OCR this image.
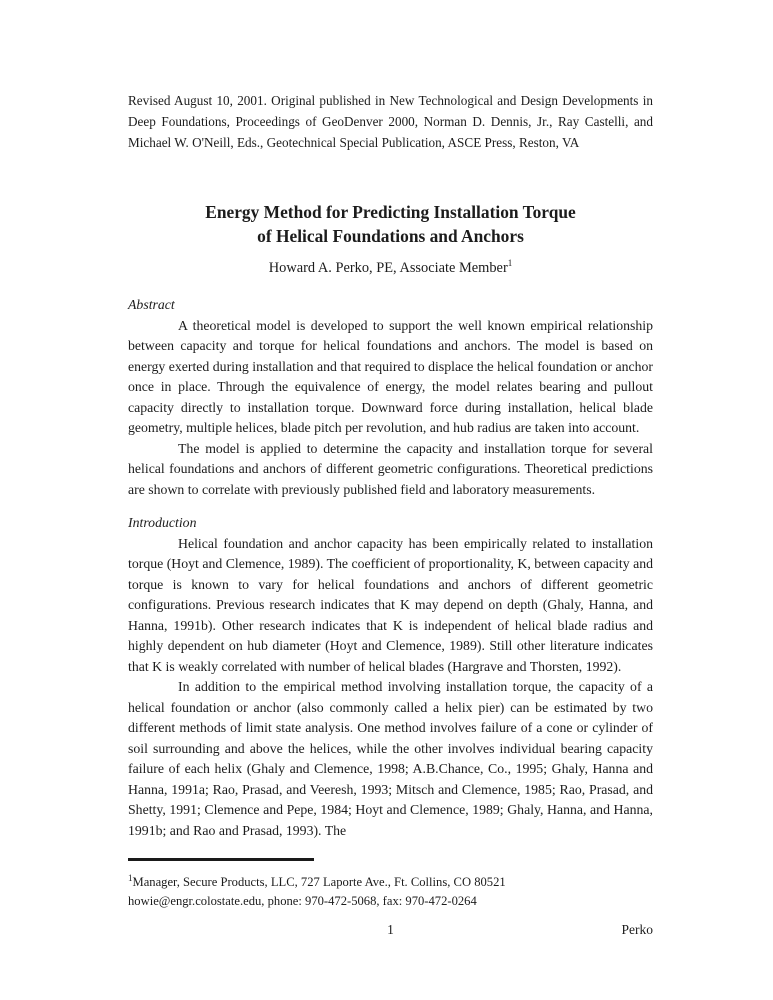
Revised August 10, 2001. Original published in New Technological and Design Developments in Deep Foundations, Proceedings of GeoDenver 2000, Norman D. Dennis, Jr., Ray Castelli, and Michael W. O'Neill, Eds., Geotechnical Special Publication, ASCE Press, Reston, VA

Energy Method for Predicting Installation Torque
of Helical Foundations and Anchors
Howard A. Perko, PE, Associate Member$^1$
Abstract

A theoretical model is developed to support the well known empirical relationship between capacity and torque for helical foundations and anchors. The model is based on energy exerted during installation and that required to displace the helical foundation or anchor once in place. Through the equivalence of energy, the model relates bearing and pullout capacity directly to installation torque. Downward force during installation, helical blade geometry, multiple helices, blade pitch per revolution, and hub radius are taken into account.

The model is applied to determine the capacity and installation torque for several helical foundations and anchors of different geometric configurations. Theoretical predictions are shown to correlate with previously published field and laboratory measurements.

Introduction

Helical foundation and anchor capacity has been empirically related to installation torque (Hoyt and Clemence, 1989). The coefficient of proportionality, K, between capacity and torque is known to vary for helical foundations and anchors of different geometric configurations. Previous research indicates that K may depend on depth (Ghaly, Hanna, and Hanna, 1991b). Other research indicates that K is independent of helical blade radius and highly dependent on hub diameter (Hoyt and Clemence, 1989). Still other literature indicates that K is weakly correlated with number of helical blades (Hargrave and Thorsten, 1992).

In addition to the empirical method involving installation torque, the capacity of a helical foundation or anchor (also commonly called a helix pier) can be estimated by two different methods of limit state analysis. One method involves failure of a cone or cylinder of soil surrounding and above the helices, while the other involves individual bearing capacity failure of each helix (Ghaly and Clemence, 1998; A.B.Chance, Co., 1995; Ghaly, Hanna and Hanna, 1991a; Rao, Prasad, and Veeresh, 1993; Mitsch and Clemence, 1985; Rao, Prasad, and Shetty, 1991; Clemence and Pepe, 1984; Hoyt and Clemence, 1989; Ghaly, Hanna, and Hanna, 1991b; and Rao and Prasad, 1993). The

$^1$Manager, Secure Products, LLC, 727 Laporte Ave., Ft. Collins, CO 80521

howie@engr.colostate.edu, phone: 970-472-5068, fax: 970-472-0264

1	Perko
